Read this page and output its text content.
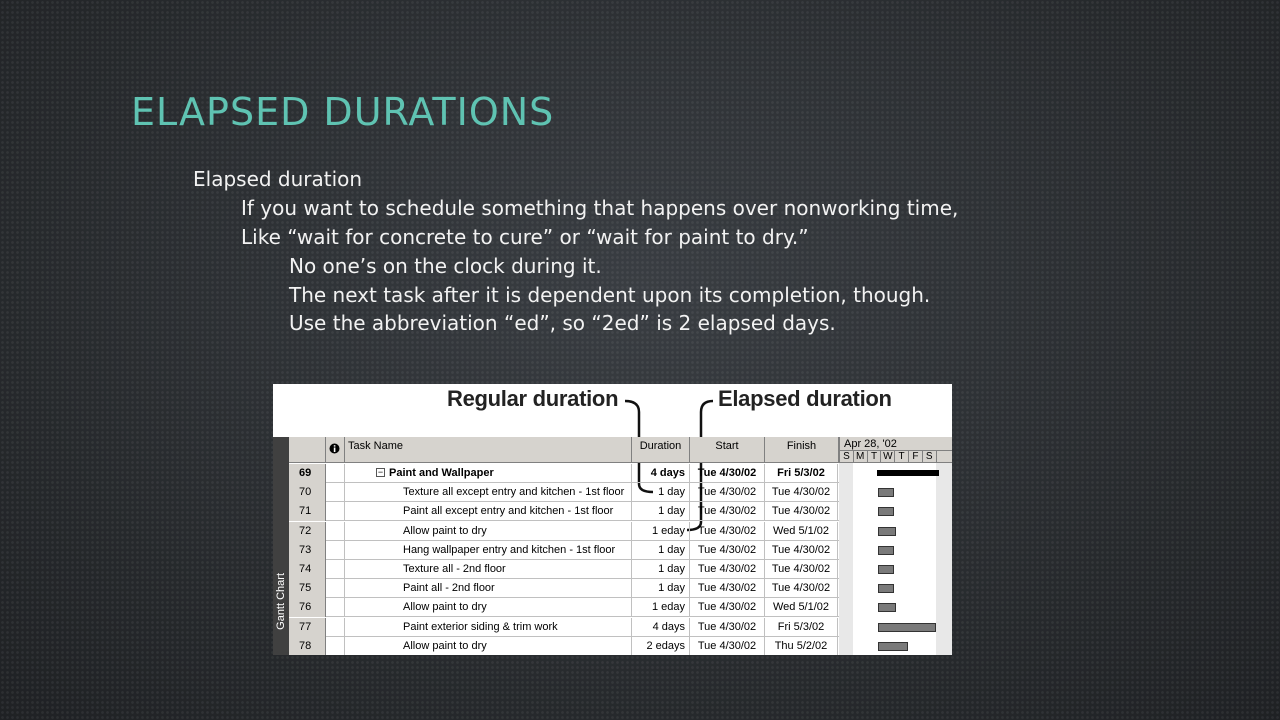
ELAPSED DURATIONS
Elapsed duration
If you want to schedule something that happens over nonworking time,
Like “wait for concrete to cure” or “wait for paint to dry.”
No one’s on the clock during it.
The next task after it is dependent upon its completion, though.
Use the abbreviation “ed”, so “2ed” is 2 elapsed days.
Regular duration	Elapsed duration
Gantt Chart
Task Name	Duration	Start	Finish
69	− Paint and Wallpaper	4 days	Tue 4/30/02	Fri 5/3/02
70	Texture all except entry and kitchen - 1st floor	1 day	Tue 4/30/02	Tue 4/30/02
71	Paint all except entry and kitchen - 1st floor	1 day	Tue 4/30/02	Tue 4/30/02
72	Allow paint to dry	1 eday	Tue 4/30/02	Wed 5/1/02
73	Hang wallpaper entry and kitchen - 1st floor	1 day	Tue 4/30/02	Tue 4/30/02
74	Texture all - 2nd floor	1 day	Tue 4/30/02	Tue 4/30/02
75	Paint all - 2nd floor	1 day	Tue 4/30/02	Tue 4/30/02
76	Allow paint to dry	1 eday	Tue 4/30/02	Wed 5/1/02
77	Paint exterior siding & trim work	4 days	Tue 4/30/02	Fri 5/3/02
78	Allow paint to dry	2 edays	Tue 4/30/02	Thu 5/2/02
Apr 28, '02
S M T W T F S
